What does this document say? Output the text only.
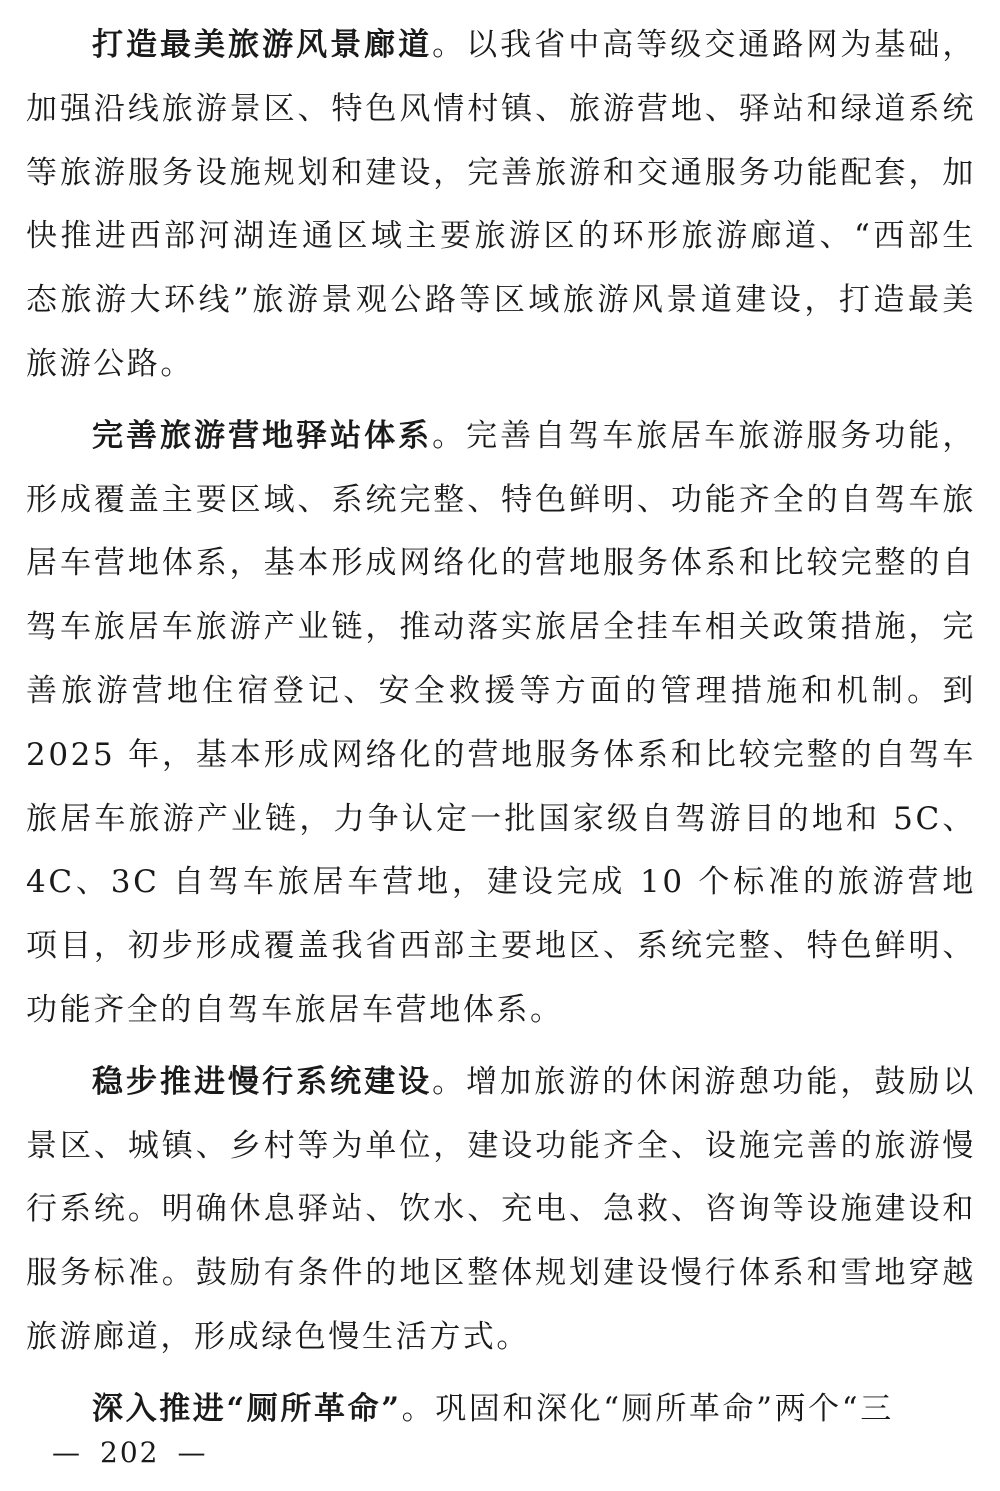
打造最美旅游风景廊道。以我省中高等级交通路网为基础，加强沿线旅游景区、特色风情村镇、旅游营地、驿站和绿道系统等旅游服务设施规划和建设，完善旅游和交通服务功能配套，加快推进西部河湖连通区域主要旅游区的环形旅游廊道、“西部生态旅游大环线”旅游景观公路等区域旅游风景道建设，打造最美旅游公路。

完善旅游营地驿站体系。完善自驾车旅居车旅游服务功能，形成覆盖主要区域、系统完整、特色鲜明、功能齐全的自驾车旅居车营地体系，基本形成网络化的营地服务体系和比较完整的自驾车旅居车旅游产业链，推动落实旅居全挂车相关政策措施，完善旅游营地住宿登记、安全救援等方面的管理措施和机制。到 2025 年，基本形成网络化的营地服务体系和比较完整的自驾车旅居车旅游产业链，力争认定一批国家级自驾游目的地和 5C、4C、3C 自驾车旅居车营地，建设完成 10 个标准的旅游营地项目，初步形成覆盖我省西部主要地区、系统完整、特色鲜明、功能齐全的自驾车旅居车营地体系。

稳步推进慢行系统建设。增加旅游的休闲游憩功能，鼓励以景区、城镇、乡村等为单位，建设功能齐全、设施完善的旅游慢行系统。明确休息驿站、饮水、充电、急救、咨询等设施建设和服务标准。鼓励有条件的地区整体规划建设慢行体系和雪地穿越旅游廊道，形成绿色慢生活方式。

深入推进“厕所革命”。巩固和深化“厕所革命”两个“三

— 202 —
